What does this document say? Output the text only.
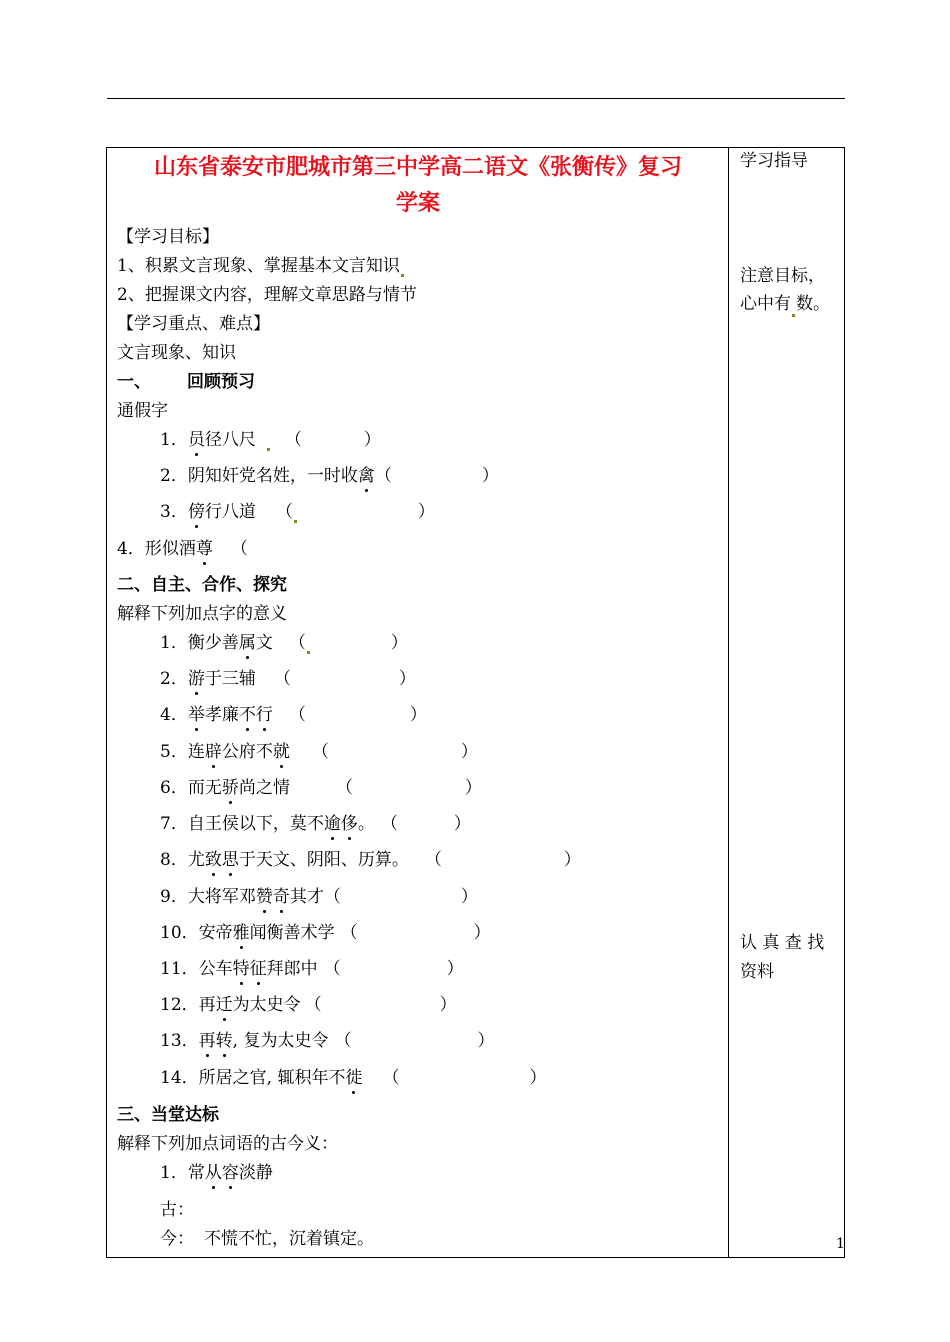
山东省泰安市肥城市第三中学高二语文《张衡传》复习
学案
【学习目标】
1、积累文言现象、掌握基本文言知识
2、把握课文内容，理解文章思路与情节
【学习重点、难点】
文言现象、知识
一、 回顾预习
通假字
1．员径八尺 （	）
2．阴知奸党名姓，一时收禽（	）
3．傍行八道 （	）
4．形似酒尊 （
二、自主、合作、探究
解释下列加点字的意义
1．衡少善属文 （	）
2．游于三辅 （	）
4．举孝廉不行 （	）
5．连辟公府不就 （	）
6．而无骄尚之情	（	）
7．自王侯以下，莫不逾侈。 （	）
8．尤致思于天文、阴阳、历算。 （	）
9．大将军邓赞奇其才（	）
10．安帝雅闻衡善术学 （	）
11．公车特征拜郎中 （	）
12．再迁为太史令 （	）
13．再转, 复为太史令 （	）
14．所居之官, 辄积年不徙 （	）
三、当堂达标
解释下列加点词语的古今义：
1．常从容淡静
古：
今： 不慌不忙，沉着镇定。
学习指导
注意目标，
心中有 数。
认 真 查 找
资料
1
